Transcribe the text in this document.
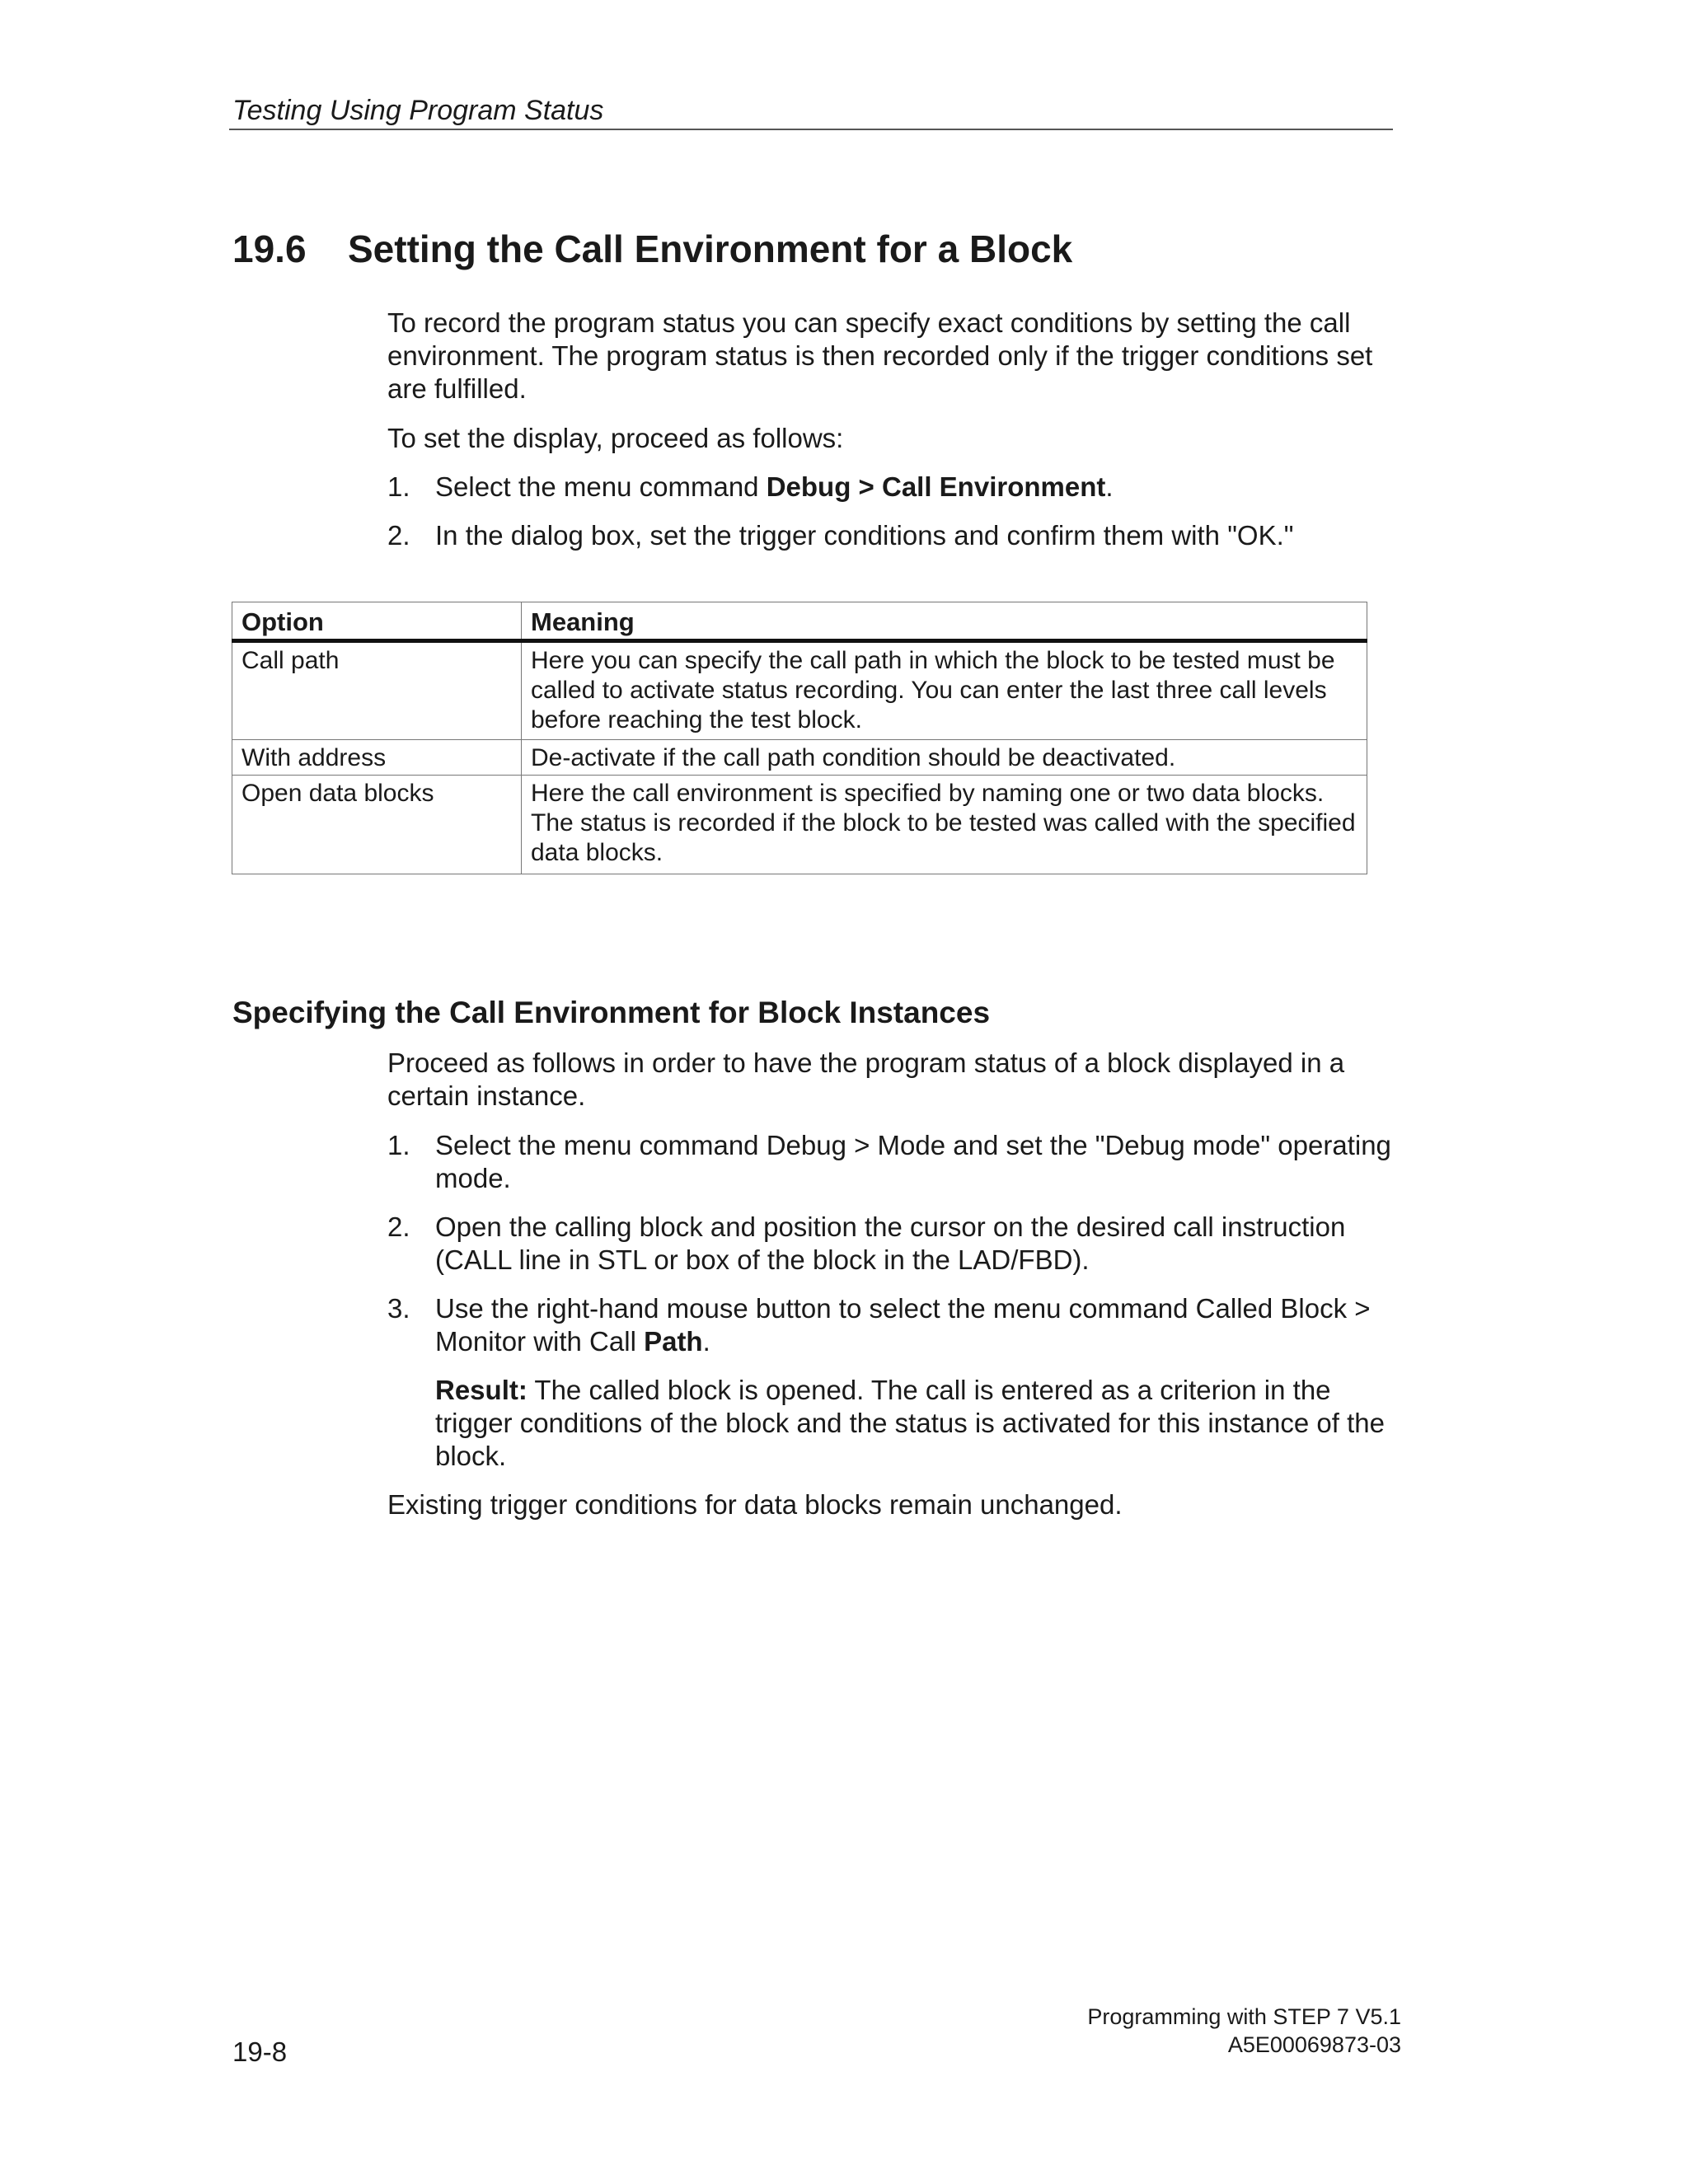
Testing Using Program Status
19.6 Setting the Call Environment for a Block

To record the program status you can specify exact conditions by setting the call environment. The program status is then recorded only if the trigger conditions set are fulfilled.

To set the display, proceed as follows:

1. Select the menu command Debug > Call Environment.
2. In the dialog box, set the trigger conditions and confirm them with "OK."
Option	Meaning
Call path	Here you can specify the call path in which the block to be tested must be called to activate status recording. You can enter the last three call levels before reaching the test block.
With address	De-activate if the call path condition should be deactivated.
Open data blocks	Here the call environment is specified by naming one or two data blocks. The status is recorded if the block to be tested was called with the specified data blocks.
Specifying the Call Environment for Block Instances

Proceed as follows in order to have the program status of a block displayed in a certain instance.

1. Select the menu command Debug > Mode and set the "Debug mode" operating mode.
2. Open the calling block and position the cursor on the desired call instruction (CALL line in STL or box of the block in the LAD/FBD).
3. Use the right-hand mouse button to select the menu command Called Block > Monitor with Call Path.
Result: The called block is opened. The call is entered as a criterion in the trigger conditions of the block and the status is activated for this instance of the block.

Existing trigger conditions for data blocks remain unchanged.

19-8
Programming with STEP 7 V5.1
A5E00069873-03
